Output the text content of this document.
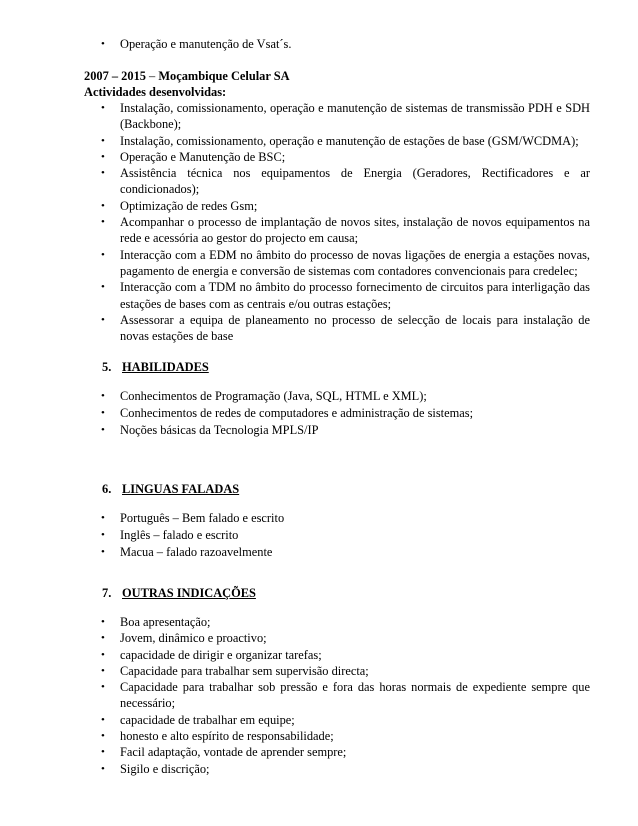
• Operação e manutenção de Vsat´s.
2007 – 2015 – Moçambique Celular SA
Actividades desenvolvidas:
• Instalação, comissionamento, operação e manutenção de sistemas de transmissão PDH e SDH (Backbone);
• Instalação, comissionamento, operação e manutenção de estações de base (GSM/WCDMA);
• Operação e Manutenção de BSC;
• Assistência técnica nos equipamentos de Energia (Geradores, Rectificadores e ar condicionados);
• Optimização de redes Gsm;
• Acompanhar o processo de implantação de novos sites, instalação de novos equipamentos na rede e acessória ao gestor do projecto em causa;
• Interacção com a EDM no âmbito do processo de novas ligações de energia a estações novas, pagamento de energia e conversão de sistemas com contadores convencionais para credelec;
• Interacção com a TDM no âmbito do processo fornecimento de circuitos para interligação das estações de bases com as centrais e/ou outras estações;
• Assessorar a equipa de planeamento no processo de selecção de locais para instalação de novas estações de base
5. HABILIDADES
• Conhecimentos de Programação (Java, SQL, HTML e XML);
• Conhecimentos de redes de computadores e administração de sistemas;
• Noções básicas da Tecnologia MPLS/IP
6. LINGUAS FALADAS
• Português – Bem falado e escrito
• Inglês – falado e escrito
• Macua – falado razoavelmente
7. OUTRAS INDICAÇÕES
• Boa apresentação;
• Jovem, dinâmico e proactivo;
• capacidade de dirigir e organizar tarefas;
• Capacidade para trabalhar sem supervisão directa;
• Capacidade para trabalhar sob pressão e fora das horas normais de expediente sempre que necessário;
• capacidade de trabalhar em equipe;
• honesto e alto espírito de responsabilidade;
• Facil adaptação, vontade de aprender sempre;
• Sigilo e discrição;
